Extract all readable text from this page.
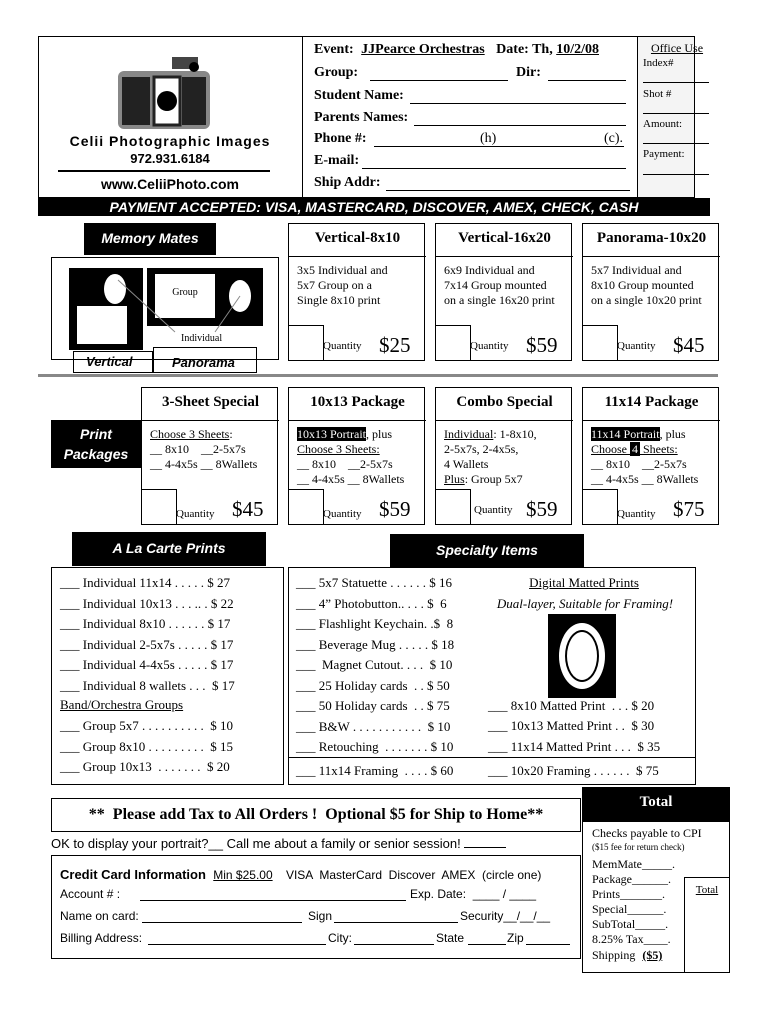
Celii Photographic Images
972.931.6184
www.CeliiPhoto.com
Event: JJPearce Orchestras Date: Th, 10/2/08
Group:	Dir:
Student Name:
Parents Names:
Phone #:	(h)	(c).
E-mail:
Ship Addr:
Office Use
Index#
Shot #
Amount:
Payment:
PAYMENT ACCEPTED: VISA, MASTERCARD, DISCOVER, AMEX, CHECK, CASH
Memory Mates
Group
Individual
Vertical	Panorama
Vertical-8x10
3x5 Individual and
5x7 Group on a
Single 8x10 print
Quantity $25
Vertical-16x20
6x9 Individual and
7x14 Group mounted
on a single 16x20 print
Quantity $59
Panorama-10x20
5x7 Individual and
8x10 Group mounted
on a single 10x20 print
Quantity $45
Print
Packages
3-Sheet Special
Choose 3 Sheets:
__ 8x10    __2-5x7s
__ 4-4x5s __ 8Wallets
Quantity $45
10x13 Package
10x13 Portrait, plus
Choose 3 Sheets:
__ 8x10    __2-5x7s
__ 4-4x5s __ 8Wallets
Quantity $59
Combo Special
Individual: 1-8x10,
2-5x7s, 2-4x5s,
4 Wallets
Plus: Group 5x7
Quantity $59
11x14 Package
11x14 Portrait, plus
Choose 4 Sheets:
__ 8x10    __2-5x7s
__ 4-4x5s __ 8Wallets
Quantity $75
A La Carte Prints	Specialty Items
___ Individual 11x14 . . . . . $ 27
___ Individual 10x13 . . . .. . $ 22
___ Individual 8x10 . . . . . . $ 17
___ Individual 2-5x7s . . . . . $ 17
___ Individual 4-4x5s . . . . . $ 17
___ Individual 8 wallets . . .  $ 17
Band/Orchestra Groups
___ Group 5x7 . . . . . . . . . .  $ 10
___ Group 8x10 . . . . . . . . .  $ 15
___ Group 10x13  . . . . . . .  $ 20
___ 5x7 Statuette . . . . . . $ 16
___ 4” Photobutton.. . . . $  6
___ Flashlight Keychain. .$  8
___ Beverage Mug . . . . . $ 18
___  Magnet Cutout. . . .  $ 10
___ 25 Holiday cards  . . $ 50
___ 50 Holiday cards  . . $ 75
___ B&W . . . . . . . . . . .  $ 10
___ Retouching  . . . . . . . $ 10
___ 11x14 Framing  . . . . $ 60
Digital Matted Prints
Dual-layer, Suitable for Framing!
___ 8x10 Matted Print  . . . $ 20
___ 10x13 Matted Print . .  $ 30
___ 11x14 Matted Print . . .  $ 35
___ 10x20 Framing . . . . . .  $ 75
**  Please add Tax to All Orders !  Optional $5 for Ship to Home**
OK to display your portrait?__ Call me about a family or senior session!
Credit Card Information Min $25.00 VISA  MasterCard  Discover  AMEX  (circle one)
Account # :	Exp. Date:  ____ / ____
Name on card:	Sign	Security__/__/__
Billing Address:	City:	State	Zip
Total
Checks payable to CPI
($15 fee for return check)
MemMate_____.
Package______.
Prints_______.
Special______.
SubTotal_____.
8.25% Tax____.
Shipping ($5)
Total
